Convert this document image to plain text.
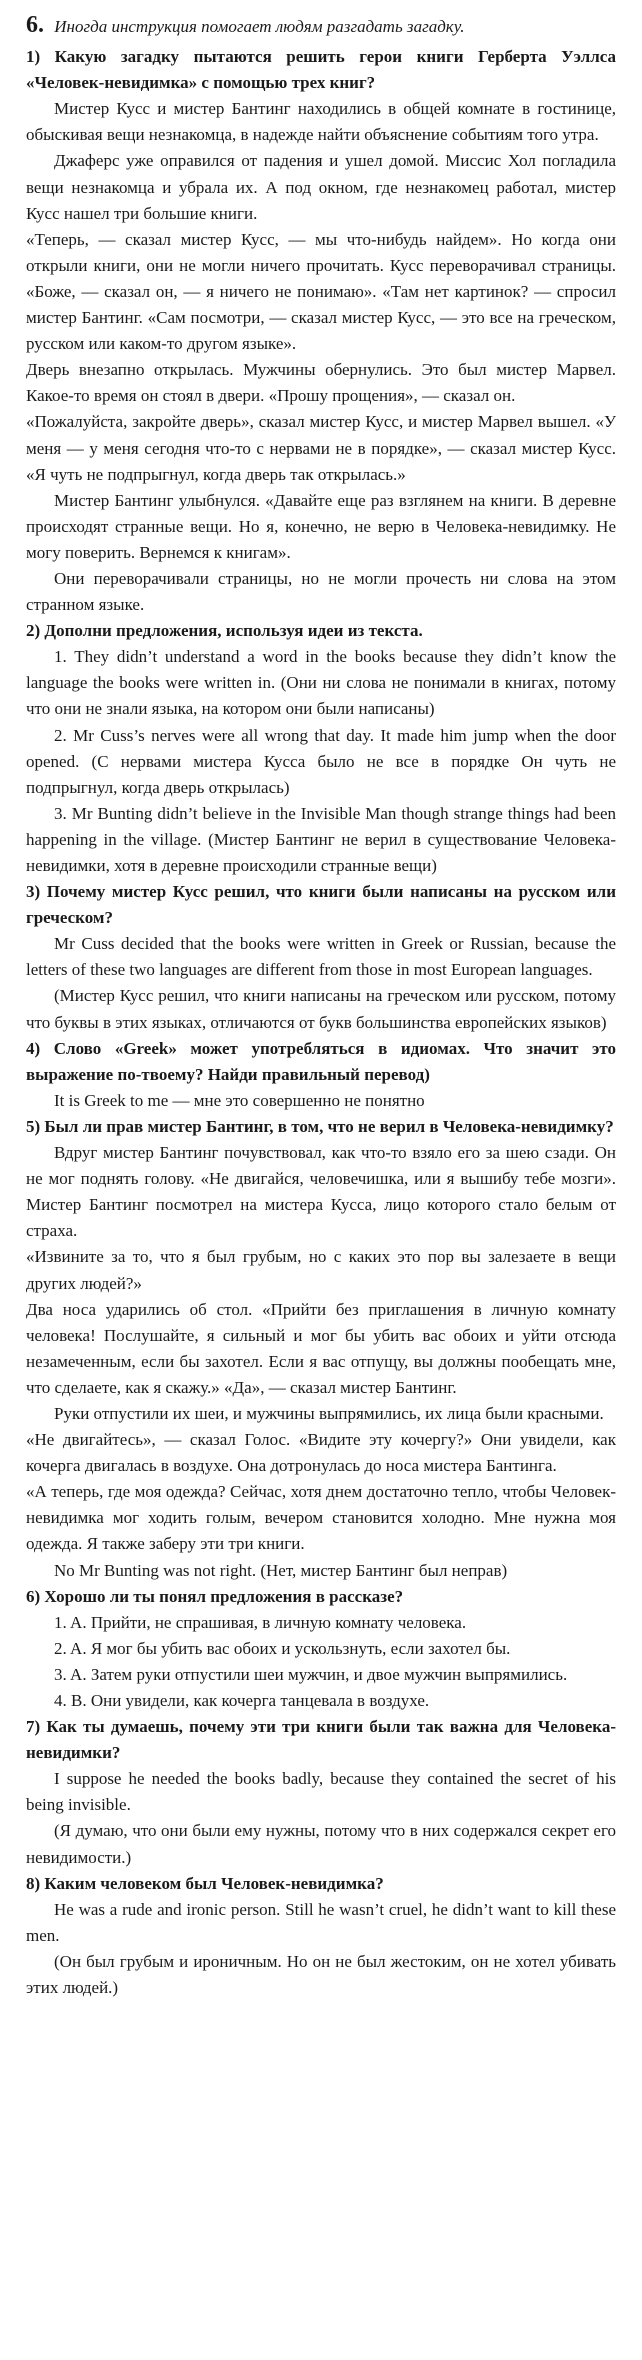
6. Иногда инструкция помогает людям разгадать загадку.

1) Какую загадку пытаются решить герои книги Герберта Уэллса «Человек-невидимка» с помощью трех книг?

Мистер Кусс и мистер Бантинг находились в общей комнате в гостинице, обыскивая вещи незнакомца, в надежде найти объяснение событиям того утра.

Джаферс уже оправился от падения и ушел домой. Миссис Хол погладила вещи незнакомца и убрала их. А под окном, где незнакомец работал, мистер Кусс нашел три большие книги.

«Теперь, — сказал мистер Кусс, — мы что-нибудь найдем». Но когда они открыли книги, они не могли ничего прочитать. Кусс переворачивал страницы. «Боже, — сказал он, — я ничего не понимаю». «Там нет картинок? — спросил мистер Бантинг. «Сам посмотри, — сказал мистер Кусс, — это все на греческом, русском или каком-то другом языке».

Дверь внезапно открылась. Мужчины обернулись. Это был мистер Марвел. Какое-то время он стоял в двери. «Прошу прощения», — сказал он.

«Пожалуйста, закройте дверь», сказал мистер Кусс, и мистер Марвел вышел. «У меня — у меня сегодня что-то с нервами не в порядке», — сказал мистер Кусс. «Я чуть не подпрыгнул, когда дверь так открылась.»

Мистер Бантинг улыбнулся. «Давайте еще раз взглянем на книги. В деревне происходят странные вещи. Но я, конечно, не верю в Человека-невидимку. Не могу поверить. Вернемся к книгам».

Они переворачивали страницы, но не могли прочесть ни слова на этом странном языке.

2) Дополни предложения, используя идеи из текста.

1. They didn’t understand a word in the books because they didn’t know the language the books were written in. (Они ни слова не понимали в книгах, потому что они не знали языка, на котором они были написаны)
2. Mr Cuss’s nerves were all wrong that day. It made him jump when the door opened. (С нервами мистера Кусса было не все в порядке Он чуть не подпрыгнул, когда дверь открылась)
3. Mr Bunting didn’t believe in the Invisible Man though strange things had been happening in the village. (Мистер Бантинг не верил в существование Человека-невидимки, хотя в деревне происходили странные вещи)

3) Почему мистер Кусс решил, что книги были написаны на русском или греческом?

Mr Cuss decided that the books were written in Greek or Russian, because the letters of these two languages are different from those in most European languages.

(Мистер Кусс решил, что книги написаны на греческом или русском, потому что буквы в этих языках, отличаются от букв большинства европейских языков)

4) Слово «Greek» может употребляться в идиомах. Что значит это выражение по-твоему? Найди правильный перевод)

It is Greek to me — мне это совершенно не понятно

5) Был ли прав мистер Бантинг, в том, что не верил в Человека-невидимку?

Вдруг мистер Бантинг почувствовал, как что-то взяло его за шею сзади. Он не мог поднять голову. «Не двигайся, человечишка, или я вышибу тебе мозги». Мистер Бантинг посмотрел на мистера Кусса, лицо которого стало белым от страха.

«Извините за то, что я был грубым, но с каких это пор вы залезаете в вещи других людей?»

Два носа ударились об стол. «Прийти без приглашения в личную комнату человека! Послушайте, я сильный и мог бы убить вас обоих и уйти отсюда незамеченным, если бы захотел. Если я вас отпущу, вы должны пообещать мне, что сделаете, как я скажу.» «Да», — сказал мистер Бантинг.

Руки отпустили их шеи, и мужчины выпрямились, их лица были красными.

«Не двигайтесь», — сказал Голос. «Видите эту кочергу?» Они увидели, как кочерга двигалась в воздухе. Она дотронулась до носа мистера Бантинга.

«А теперь, где моя одежда? Сейчас, хотя днем достаточно тепло, чтобы Человек-невидимка мог ходить голым, вечером становится холодно. Мне нужна моя одежда. Я также заберу эти три книги.

No Mr Bunting was not right. (Нет, мистер Бантинг был неправ)

6) Хорошо ли ты понял предложения в рассказе?

1. A. Прийти, не спрашивая, в личную комнату человека.
2. A. Я мог бы убить вас обоих и ускользнуть, если захотел бы.
3. A. Затем руки отпустили шеи мужчин, и двое мужчин выпрямились.
4. B. Они увидели, как кочерга танцевала в воздухе.

7) Как ты думаешь, почему эти три книги были так важна для Человека-невидимки?

I suppose he needed the books badly, because they contained the secret of his being invisible.

(Я думаю, что они были ему нужны, потому что в них содержался секрет его невидимости.)

8) Каким человеком был Человек-невидимка?

He was a rude and ironic person. Still he wasn’t cruel, he didn’t want to kill these men.

(Он был грубым и ироничным. Но он не был жестоким, он не хотел убивать этих людей.)
